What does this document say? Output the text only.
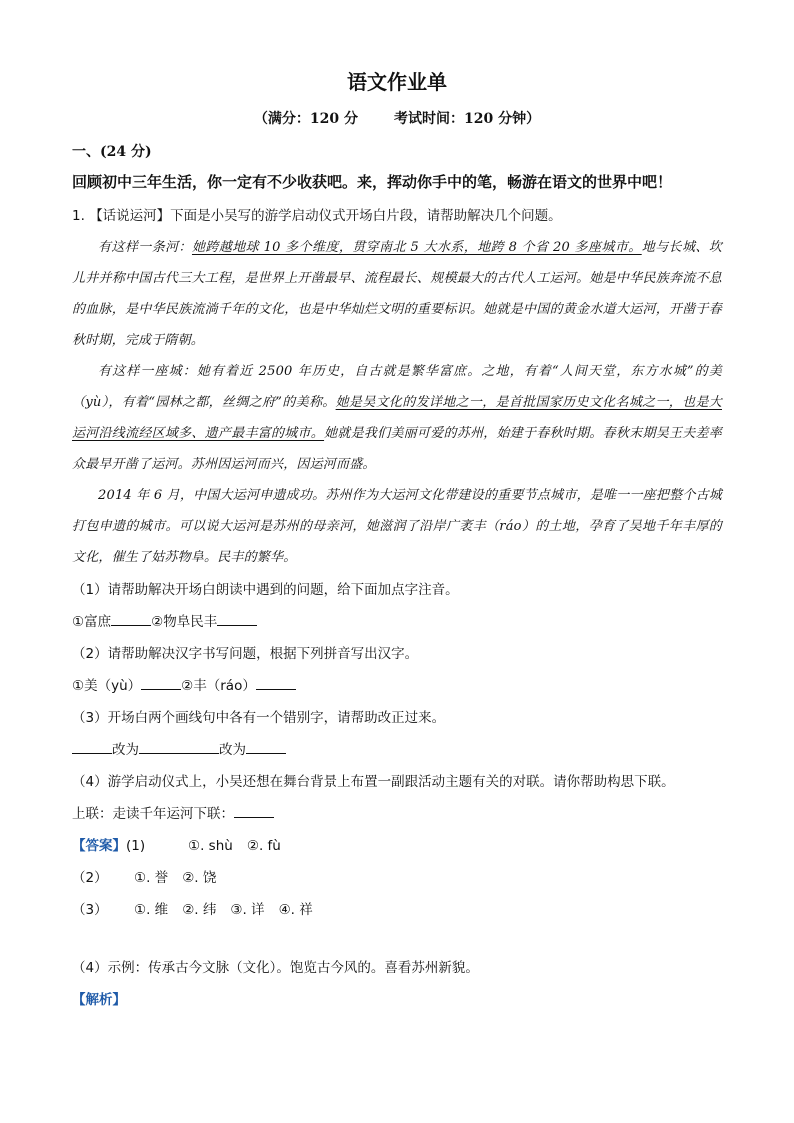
语文作业单
（满分：120 分	考试时间：120 分钟）
一、(24 分)
回顾初中三年生活，你一定有不少收获吧。来，挥动你手中的笔，畅游在语文的世界中吧！
1. 【话说运河】下面是小吴写的游学启动仪式开场白片段，请帮助解决几个问题。

有这样一条河：她跨越地球 10 多个维度，贯穿南北 5 大水系，地跨 8 个省 20 多座城市。地与长城、坎儿井并称中国古代三大工程，是世界上开凿最早、流程最长、规模最大的古代人工运河。她是中华民族奔流不息的血脉，是中华民族流淌千年的文化，也是中华灿烂文明的重要标识。她就是中国的黄金水道大运河，开凿于春秋时期，完成于隋朝。

有这样一座城：她有着近 2500 年历史，自古就是繁华富庶。之地，有着“人间天堂，东方水城”的美（yù），有着“园林之都，丝绸之府”的美称。她是吴文化的发详地之一，是首批国家历史文化名城之一，也是大运河沿线流经区域多、遗产最丰富的城市。她就是我们美丽可爱的苏州，始建于春秋时期。春秋末期吴王夫差率众最早开凿了运河。苏州因运河而兴，因运河而盛。

2014 年 6 月，中国大运河申遗成功。苏州作为大运河文化带建设的重要节点城市，是唯一一座把整个古城打包申遗的城市。可以说大运河是苏州的母亲河，她滋润了沿岸广袤丰（ráo）的土地，孕育了吴地千年丰厚的文化，催生了姑苏物阜。民丰的繁华。

（1）请帮助解决开场白朗读中遇到的问题，给下面加点字注音。
①富庶	②物阜民丰
（2）请帮助解决汉字书写问题，根据下列拼音写出汉字。
①美（yù）	②丰（ráo）
（3）开场白两个画线句中各有一个错别字，请帮助改正过来。
改为	改为
（4）游学启动仪式上，小吴还想在舞台背景上布置一副跟活动主题有关的对联。请你帮助构思下联。
上联：走读千年运河下联：
【答案】(1)	①. shù ②. fù
（2） ①. 誉 ②. 饶
（3） ①. 维 ②. 纬 ③. 详 ④. 祥
（4）示例：传承古今文脉（文化）。饱览古今风的。喜看苏州新貌。
【解析】
